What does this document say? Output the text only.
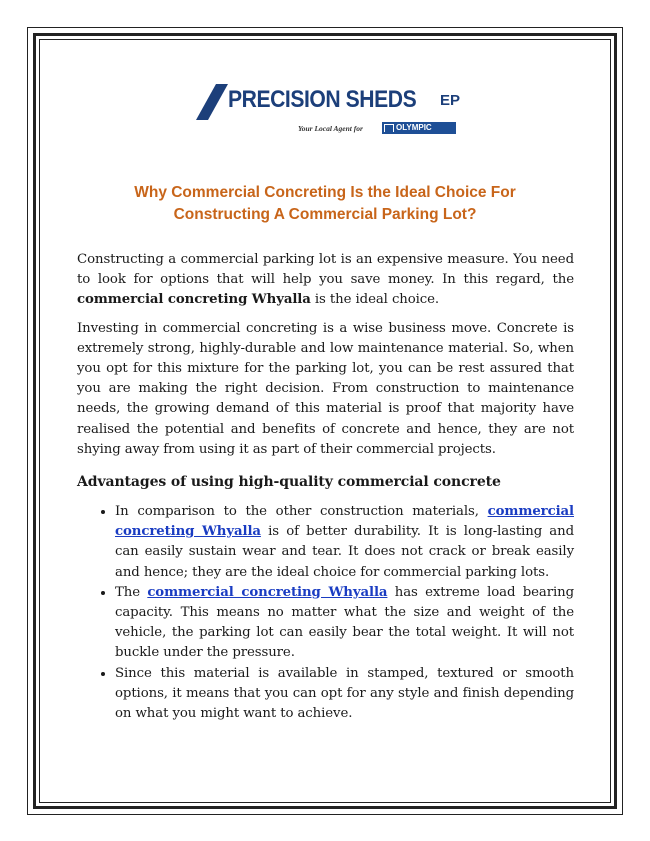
PRECISION SHEDS EP
Your Local Agent for	OLYMPIC
Why Commercial Concreting Is the Ideal Choice For
Constructing A Commercial Parking Lot?

Constructing a commercial parking lot is an expensive measure. You need to look for options that will help you save money. In this regard, the commercial concreting Whyalla is the ideal choice.

Investing in commercial concreting is a wise business move. Concrete is extremely strong, highly-durable and low maintenance material. So, when you opt for this mixture for the parking lot, you can be rest assured that you are making the right decision. From construction to maintenance needs, the growing demand of this material is proof that majority have realised the potential and benefits of concrete and hence, they are not shying away from using it as part of their commercial projects.

Advantages of using high-quality commercial concrete
• In comparison to the other construction materials, commercial concreting Whyalla is of better durability. It is long-lasting and can easily sustain wear and tear. It does not crack or break easily and hence; they are the ideal choice for commercial parking lots.
• The commercial concreting Whyalla has extreme load bearing capacity. This means no matter what the size and weight of the vehicle, the parking lot can easily bear the total weight. It will not buckle under the pressure.
• Since this material is available in stamped, textured or smooth options, it means that you can opt for any style and finish depending on what you might want to achieve.
